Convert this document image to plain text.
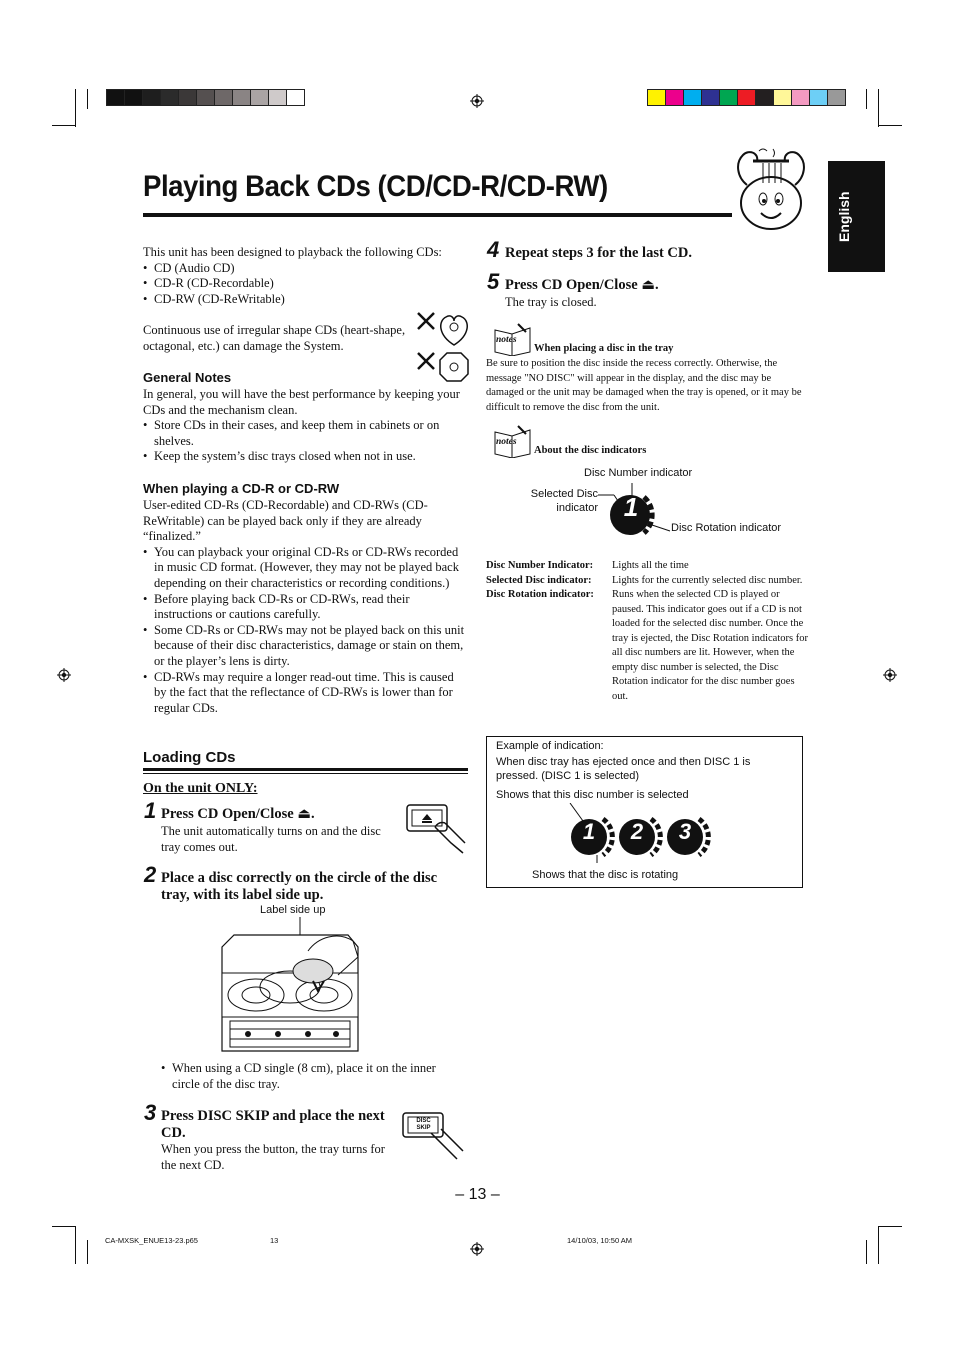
Playing Back CDs (CD/CD-R/CD-RW)
English

This unit has been designed to playback the following CDs:

• CD (Audio CD)
• CD-R (CD-Recordable)
• CD-RW (CD-ReWritable)

Continuous use of irregular shape CDs (heart-shape, octagonal, etc.) can damage the System.

General Notes

In general, you will have the best performance by keeping your CDs and the mechanism clean.

• Store CDs in their cases, and keep them in cabinets or on shelves.
• Keep the system’s disc trays closed when not in use.
When playing a CD-R or CD-RW

User-edited CD-Rs (CD-Recordable) and CD-RWs (CD-ReWritable) can be played back only if they are already “finalized.”

• You can playback your original CD-Rs or CD-RWs recorded in music CD format. (However, they may not be played back depending on their characteristics or recording conditions.)
• Before playing back CD-Rs or CD-RWs, read their instructions or cautions carefully.
• Some CD-Rs or CD-RWs may not be played back on this unit because of their disc characteristics, damage or stain on them, or the player’s lens is dirty.
• CD-RWs may require a longer read-out time. This is caused by the fact that the reflectance of CD-RWs is lower than for regular CDs.
Loading CDs
On the unit ONLY:
1 Press CD Open/Close ⏏.
The unit automatically turns on and the disc tray comes out.
2 Place a disc correctly on the circle of the disc tray, with its label side up.
Label side up
• When using a CD single (8 cm), place it on the inner circle of the disc tray.
3 Press DISC SKIP and place the next CD.
When you press the button, the tray turns for the next CD.
DISC SKIP
4 Repeat steps 3 for the last CD.
5 Press CD Open/Close ⏏.
The tray is closed.
notes
When placing a disc in the tray
Be sure to position the disc inside the recess correctly. Otherwise, the message "NO DISC" will appear in the display, and the disc may be damaged or the unit may be damaged when the tray is opened, or it may be difficult to remove the disc from the unit.
notes
About the disc indicators
Disc Number indicator
Selected Disc indicator
Disc Rotation indicator
1
Disc Number Indicator:	Lights all the time
Selected Disc indicator:	Lights for the currently selected disc number.
Disc Rotation indicator:	Runs when the selected CD is played or paused. This indicator goes out if a CD is not loaded for the selected disc number. Once the tray is ejected, the Disc Rotation indicators for all disc numbers are lit. However, when the empty disc number is selected, the Disc Rotation indicator for the disc number goes out.
Example of indication:
When disc tray has ejected once and then DISC 1 is pressed. (DISC 1 is selected)
Shows that this disc number is selected
1 2 3
Shows that the disc is rotating
– 13 –
CA-MXSK_ENUE13-23.p65	13	14/10/03, 10:50 AM
